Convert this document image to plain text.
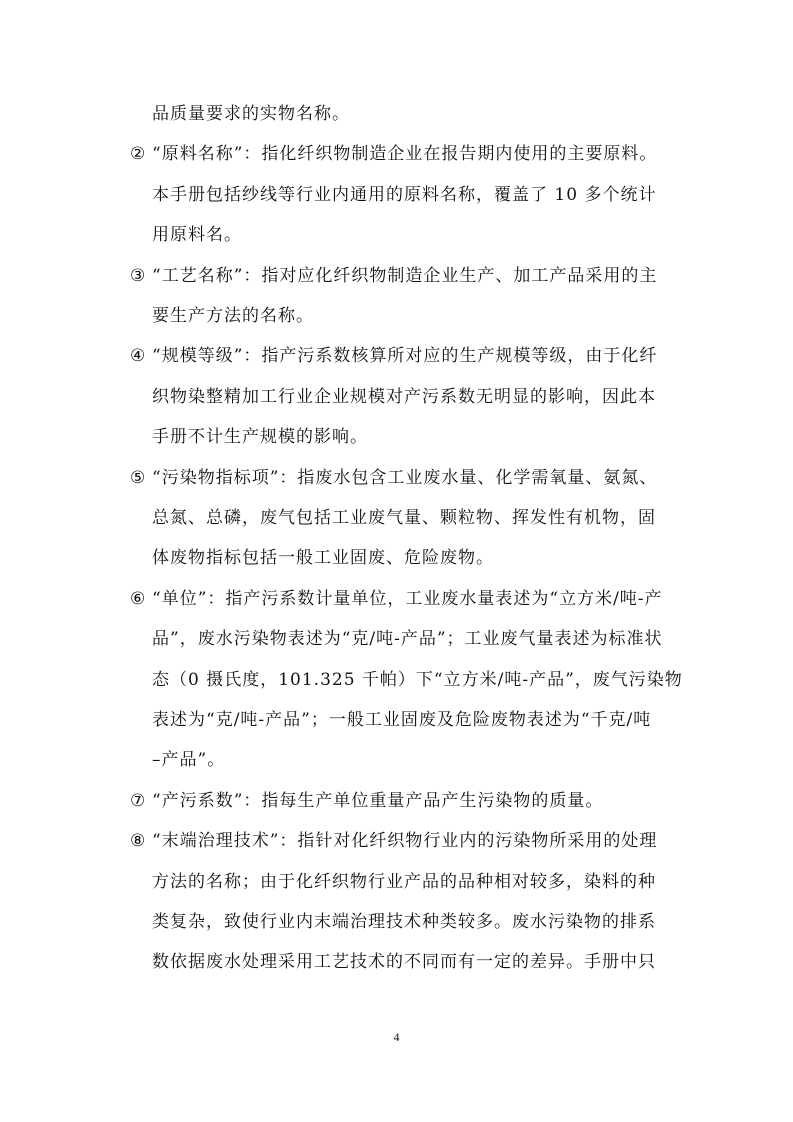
品质量要求的实物名称。
② “原料名称”：指化纤织物制造企业在报告期内使用的主要原料。
本手册包括纱线等行业内通用的原料名称，覆盖了 10 多个统计
用原料名。
③ “工艺名称”：指对应化纤织物制造企业生产、加工产品采用的主
要生产方法的名称。
④ “规模等级”：指产污系数核算所对应的生产规模等级，由于化纤
织物染整精加工行业企业规模对产污系数无明显的影响，因此本
手册不计生产规模的影响。
⑤ “污染物指标项”：指废水包含工业废水量、化学需氧量、氨氮、
总氮、总磷，废气包括工业废气量、颗粒物、挥发性有机物，固
体废物指标包括一般工业固废、危险废物。
⑥ “单位”：指产污系数计量单位，工业废水量表述为“立方米/吨-产
品”，废水污染物表述为“克/吨-产品”；工业废气量表述为标准状
态（0 摄氏度，101.325 千帕）下“立方米/吨-产品”，废气污染物
表述为“克/吨-产品”；一般工业固废及危险废物表述为“千克/吨
–产品”。
⑦ “产污系数”：指每生产单位重量产品产生污染物的质量。
⑧ “末端治理技术”：指针对化纤织物行业内的污染物所采用的处理
方法的名称；由于化纤织物行业产品的品种相对较多，染料的种
类复杂，致使行业内末端治理技术种类较多。废水污染物的排系
数依据废水处理采用工艺技术的不同而有一定的差异。手册中只
4
